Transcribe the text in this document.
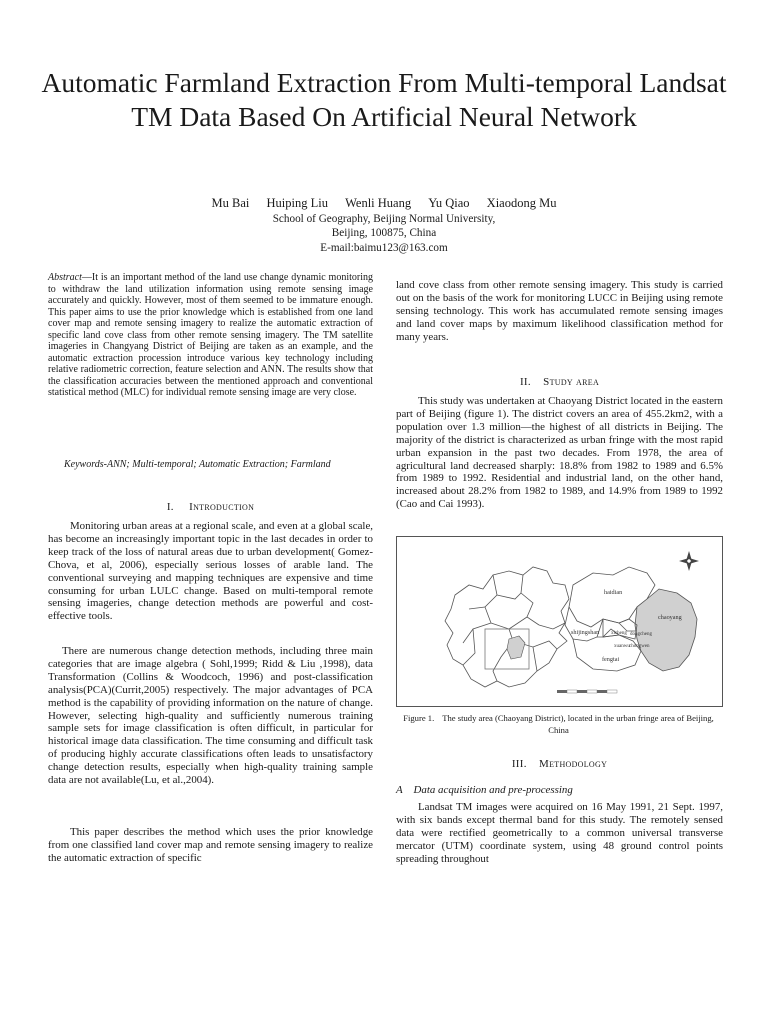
Automatic Farmland Extraction From Multi-temporal Landsat TM Data Based On Artificial Neural Network
Mu Bai Huiping Liu Wenli Huang Yu Qiao Xiaodong Mu
School of Geography, Beijing Normal University,
Beijing, 100875, China
E-mail:baimu123@163.com
Abstract—It is an important method of the land use change dynamic monitoring to withdraw the land utilization information using remote sensing image accurately and quickly. However, most of them seemed to be immature enough. This paper aims to use the prior knowledge which is established from one land cover map and remote sensing imagery to realize the automatic extraction of specific land cove class from other remote sensing imagery. The TM satellite imageries in Changyang District of Beijing are taken as an example, and the automatic extraction procession introduce various key technology including relative radiometric correction, feature selection and ANN. The results show that the classification accuracies between the mentioned approach and conventional statistical method (MLC) for individual remote sensing image are very close.
Keywords-ANN; Multi-temporal; Automatic Extraction; Farmland
I. Introduction
Monitoring urban areas at a regional scale, and even at a global scale, has become an increasingly important topic in the last decades in order to keep track of the loss of natural areas due to urban development( Gomez-Chova, et al, 2006), especially serious losses of arable land. The conventional surveying and mapping techniques are expensive and time consuming for urban LULC change. Based on multi-temporal remote sensing imageries, change detection methods are powerful and cost-effective tools.
There are numerous change detection methods, including three main categories that are image algebra ( Sohl,1999; Ridd & Liu ,1998), data Transformation (Collins & Woodcoch, 1996) and post-classification analysis(PCA)(Currit,2005) respectively. The major advantages of PCA method is the capability of providing information on the nature of change. However, selecting high-quality and sufficiently numerous training sample sets for image classification is often difficult, in particular for historical image data classification. The time consuming and difficult task of producing highly accurate classifications often leads to unsatisfactory change detection results, especially when high-quality training sample data are not available(Lu, et al.,2004).
This paper describes the method which uses the prior knowledge from one classified land cover map and remote sensing imagery to realize the automatic extraction of specific
land cove class from other remote sensing imagery. This study is carried out on the basis of the work for monitoring LUCC in Beijing using remote sensing technology. This work has accumulated remote sensing images and land cover maps by maximum likelihood classification method for many years.
II. Study area
This study was undertaken at Chaoyang District located in the eastern part of Beijing (figure 1). The district covers an area of 455.2km2, with a population over 1.3 million—the highest of all districts in Beijing. The majority of the district is characterized as urban fringe with the most rapid urban expansion in the past two decades. From 1978, the area of agricultural land decreased sharply: 18.8% from 1982 to 1989 and 6.5% from 1989 to 1992. Residential and industrial land, on the other hand, increased about 28.2% from 1982 to 1989, and 14.9% from 1989 to 1992 (Cao and Cai 1993).
haidian
shijingshan
chaoyang
dongcheng
xicheng
xuanwu chongwen
fengtai
Figure 1. The study area (Chaoyang District), located in the urban fringe area of Beijing, China
III. Methodology
A Data acquisition and pre-processing
Landsat TM images were acquired on 16 May 1991, 21 Sept. 1997, with six bands except thermal band for this study. The remotely sensed data were rectified geometrically to a common universal transverse mercator (UTM) coordinate system, using 48 ground control points spreading throughout
